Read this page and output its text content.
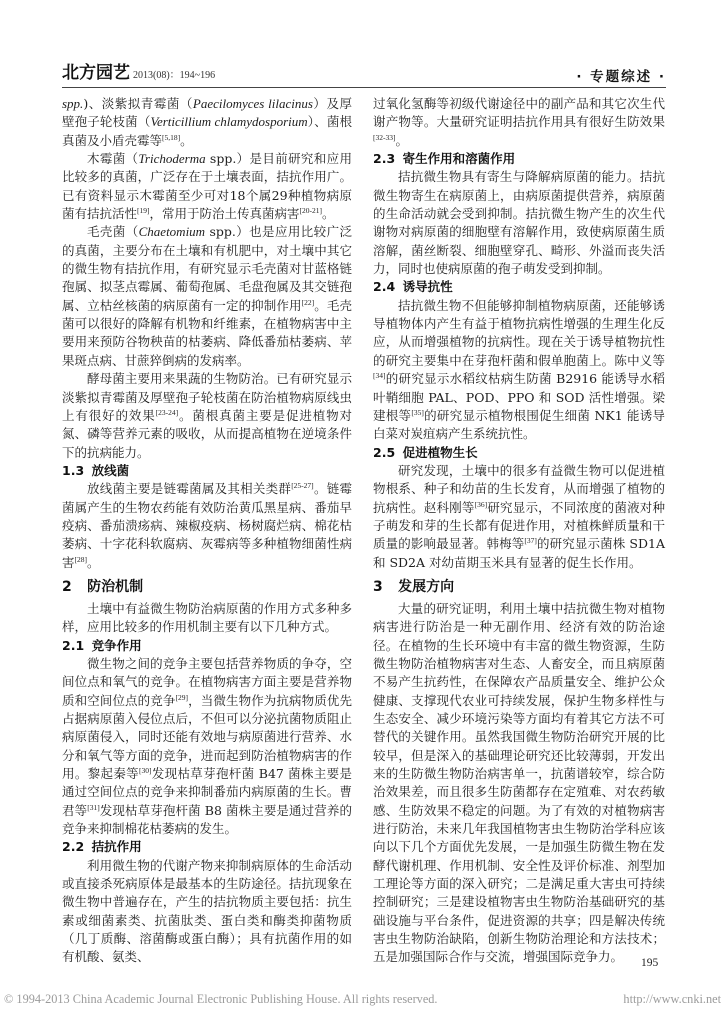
北方园艺 2013(08)：194~196	· 专题综述 ·

spp.)、淡紫拟青霉菌（Paecilomyces lilacinus）及厚壁孢子轮枝菌（Verticillium chlamydosporium）、菌根真菌及小盾壳霉等[5,18]。

木霉菌（Trichoderma spp.）是目前研究和应用比较多的真菌，广泛存在于土壤表面，拮抗作用广。已有资料显示木霉菌至少可对18个属29种植物病原菌有拮抗活性[19]，常用于防治土传真菌病害[20-21]。

毛壳菌（Chaetomium spp.）也是应用比较广泛的真菌，主要分布在土壤和有机肥中，对土壤中其它的微生物有拮抗作用，有研究显示毛壳菌对甘蓝格链孢属、拟茎点霉属、葡萄孢属、毛盘孢属及其交链孢属、立枯丝核菌的病原菌有一定的抑制作用[22]。毛壳菌可以很好的降解有机物和纤维素，在植物病害中主要用来预防谷物秧苗的枯萎病、降低番茄枯萎病、苹果斑点病、甘蔗猝倒病的发病率。

酵母菌主要用来果蔬的生物防治。已有研究显示淡紫拟青霉菌及厚壁孢子轮枝菌在防治植物病原线虫上有很好的效果[23-24]。菌根真菌主要是促进植物对氮、磷等营养元素的吸收，从而提高植物在逆境条件下的抗病能力。

1.3 放线菌

放线菌主要是链霉菌属及其相关类群[25-27]。链霉菌属产生的生物农药能有效防治黄瓜黑星病、番茄早疫病、番茄溃疡病、辣椒疫病、杨树腐烂病、棉花枯萎病、十字花科软腐病、灰霉病等多种植物细菌性病害[28]。

2 防治机制

土壤中有益微生物防治病原菌的作用方式多种多样，应用比较多的作用机制主要有以下几种方式。

2.1 竞争作用

微生物之间的竞争主要包括营养物质的争夺，空间位点和氧气的竞争。在植物病害方面主要是营养物质和空间位点的竞争[29]，当微生物作为抗病物质优先占据病原菌入侵位点后，不但可以分泌抗菌物质阻止病原菌侵入，同时还能有效地与病原菌进行营养、水分和氧气等方面的竞争，进而起到防治植物病害的作用。黎起秦等[30]发现枯草芽孢杆菌 B47 菌株主要是通过空间位点的竞争来抑制番茄内病原菌的生长。曹君等[31]发现枯草芽孢杆菌 B8 菌株主要是通过营养的竞争来抑制棉花枯萎病的发生。

2.2 拮抗作用

利用微生物的代谢产物来抑制病原体的生命活动或直接杀死病原体是最基本的生防途径。拮抗现象在微生物中普遍存在，产生的拮抗物质主要包括：抗生素或细菌素类、抗菌肽类、蛋白类和酶类抑菌物质（几丁质酶、溶菌酶或蛋白酶）；具有抗菌作用的如有机酸、氨类、

过氧化氢酶等初级代谢途径中的副产品和其它次生代谢产物等。大量研究证明拮抗作用具有很好生防效果[32-33]。

2.3 寄生作用和溶菌作用

拮抗微生物具有寄生与降解病原菌的能力。拮抗微生物寄生在病原菌上，由病原菌提供营养，病原菌的生命活动就会受到抑制。拮抗微生物产生的次生代谢物对病原菌的细胞壁有溶解作用，致使病原菌生质溶解，菌丝断裂、细胞壁穿孔、畸形、外溢而丧失活力，同时也使病原菌的孢子萌发受到抑制。

2.4 诱导抗性

拮抗微生物不但能够抑制植物病原菌，还能够诱导植物体内产生有益于植物抗病性增强的生理生化反应，从而增强植物的抗病性。现在关于诱导植物抗性的研究主要集中在芽孢杆菌和假单胞菌上。陈中义等[34]的研究显示水稻纹枯病生防菌 B2916 能诱导水稻叶鞘细胞 PAL、POD、PPO 和 SOD 活性增强。梁建根等[35]的研究显示植物根围促生细菌 NK1 能诱导白菜对炭疽病产生系统抗性。

2.5 促进植物生长

研究发现，土壤中的很多有益微生物可以促进植物根系、种子和幼苗的生长发育，从而增强了植物的抗病性。赵科刚等[36]研究显示，不同浓度的菌液对种子萌发和芽的生长都有促进作用，对植株鲜质量和干质量的影响最显著。韩梅等[37]的研究显示菌株 SD1A 和 SD2A 对幼苗期玉米具有显著的促生长作用。

3 发展方向

大量的研究证明，利用土壤中拮抗微生物对植物病害进行防治是一种无副作用、经济有效的防治途径。在植物的生长环境中有丰富的微生物资源，生防微生物防治植物病害对生态、人畜安全，而且病原菌不易产生抗药性，在保障农产品质量安全、维护公众健康、支撑现代农业可持续发展，保护生物多样性与生态安全、减少环境污染等方面均有着其它方法不可替代的关键作用。虽然我国微生物防治研究开展的比较早，但是深入的基础理论研究还比较薄弱，开发出来的生防微生物防治病害单一，抗菌谱较窄，综合防治效果差，而且很多生防菌都存在定殖难、对农药敏感、生防效果不稳定的问题。为了有效的对植物病害进行防治，未来几年我国植物害虫生物防治学科应该向以下几个方面优先发展，一是加强生防微生物在发酵代谢机理、作用机制、安全性及评价标准、剂型加工理论等方面的深入研究；二是满足重大害虫可持续控制研究；三是建设植物害虫生物防治基础研究的基础设施与平台条件，促进资源的共享；四是解决传统害虫生物防治缺陷，创新生物防治理论和方法技术；五是加强国际合作与交流，增强国际竞争力。	195
© 1994-2013 China Academic Journal Electronic Publishing House. All rights reserved.	http://www.cnki.net
